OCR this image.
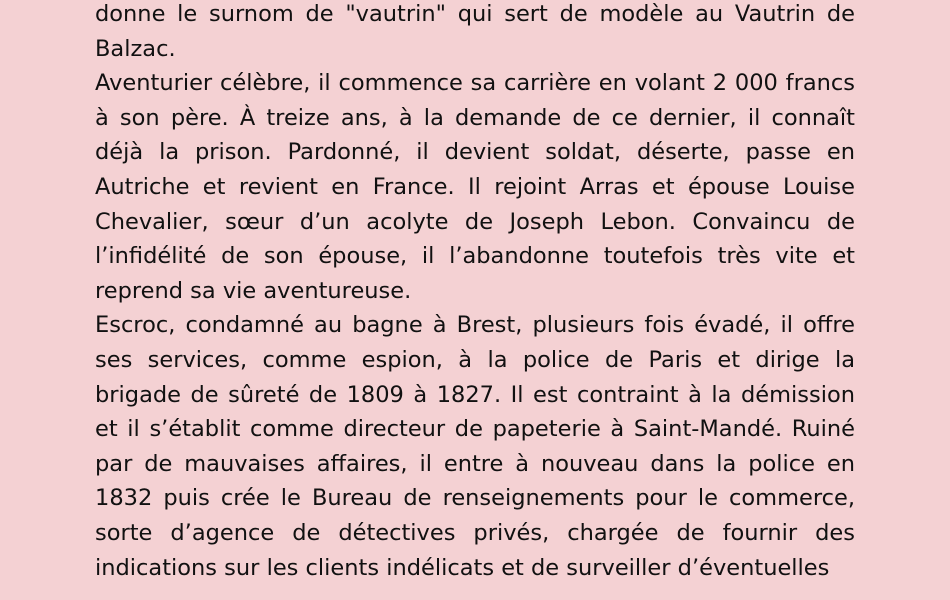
donne le surnom de "vautrin" qui sert de modèle au Vautrin de Balzac.

Aventurier célèbre, il commence sa carrière en volant 2 000 francs à son père. À treize ans, à la demande de ce dernier, il connaît déjà la prison. Pardonné, il devient soldat, déserte, passe en Autriche et revient en France. Il rejoint Arras et épouse Louise Chevalier, sœur d’un acolyte de Joseph Lebon. Convaincu de l’infidélité de son épouse, il l’abandonne toutefois très vite et reprend sa vie aventureuse.

Escroc, condamné au bagne à Brest, plusieurs fois évadé, il offre ses services, comme espion, à la police de Paris et dirige la brigade de sûreté de 1809 à 1827. Il est contraint à la démission et il s’établit comme directeur de papeterie à Saint-Mandé. Ruiné par de mauvaises affaires, il entre à nouveau dans la police en 1832 puis crée le Bureau de renseignements pour le commerce, sorte d’agence de détectives privés, chargée de fournir des indications sur les clients indélicats et de surveiller d’éventuelles
